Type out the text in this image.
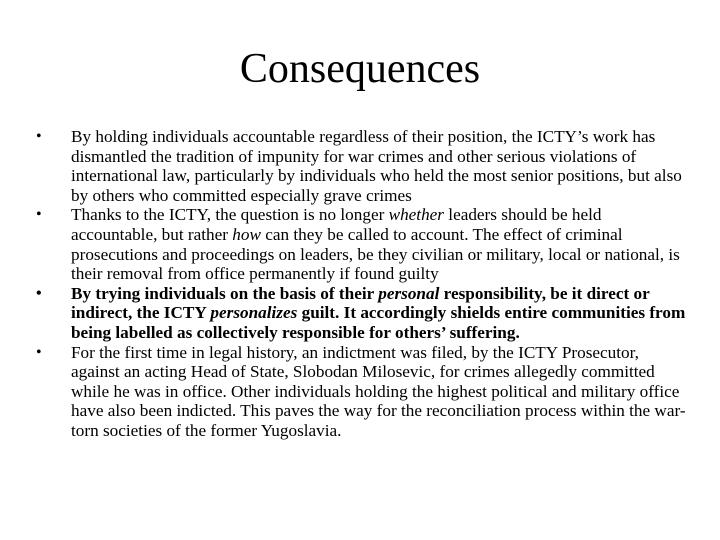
Consequences
• By holding individuals accountable regardless of their position, the ICTY’s work has dismantled the tradition of impunity for war crimes and other serious violations of international law, particularly by individuals who held the most senior positions, but also by others who committed especially grave crimes
• Thanks to the ICTY, the question is no longer whether leaders should be held accountable, but rather how can they be called to account. The effect of criminal prosecutions and proceedings on leaders, be they civilian or military, local or national, is their removal from office permanently if found guilty
• By trying individuals on the basis of their personal responsibility, be it direct or indirect, the ICTY personalizes guilt. It accordingly shields entire communities from being labelled as collectively responsible for others’ suffering.
• For the first time in legal history, an indictment was filed, by the ICTY Prosecutor, against an acting Head of State, Slobodan Milosevic, for crimes allegedly committed while he was in office. Other individuals holding the highest political and military office have also been indicted. This paves the way for the reconciliation process within the war-torn societies of the former Yugoslavia.
